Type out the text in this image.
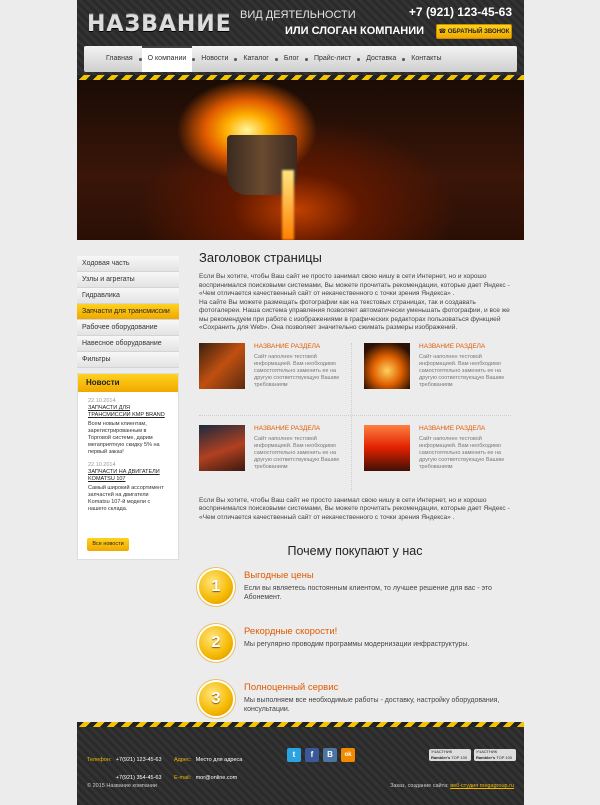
НАЗВАНИЕ ВИД ДЕЯТЕЛЬНОСТИ
ИЛИ СЛОГАН КОМПАНИИ
+7 (921) 123-45-63
☎ ОБРАТНЫЙ ЗВОНОК
Главная	О компании	Новости	Каталог	Блог	Прайс-лист	Доставка	Контакты
Ходовая часть
Узлы и агрегаты
Гидравлика
Запчасти для трансмиссии
Рабочее оборудование
Навесное оборудование
Фильтры
Новости
22.10.2014
ЗАПЧАСТИ ДЛЯ ТРАНСМИССИИ KMP BRAND
Всем новым клиентам, зарегистрированным в Торговой системе, дарим мегаприятную скидку 5% на первый заказ!
22.10.2014
ЗАПЧАСТИ НА ДВИГАТЕЛИ KOMATSU 107
Самый широкий ассортимент запчастей на двигатели Komatsu 107-й модели с нашего склада.
Все новости
Заголовок страницы

Если Вы хотите, чтобы Ваш сайт не просто занимал свою нишу в сети Интернет, но и хорошо воспринимался поисковыми системами, Вы можете прочитать рекомендации, которые дает Яндекс - «Чем отличается качественный сайт от некачественного с точки зрения Яндекса» .

На сайте Вы можете размещать фотографии как на текстовых страницах, так и создавать фотогалереи. Наша система управления позволяет автоматически уменьшать фотографии, и все же мы рекомендуем при работе с изображениями в графических редакторах пользоваться функцией «Сохранить для Web». Она позволяет значительно сжимать размеры изображений.

НАЗВАНИЕ РАЗДЕЛА
Сайт наполнен тестовой информацией. Вам необходимо самостоятельно заменить ее на другую соответствующую Вашим требованиям
НАЗВАНИЕ РАЗДЕЛА
Сайт наполнен тестовой информацией. Вам необходимо самостоятельно заменить ее на другую соответствующую Вашим требованиям
НАЗВАНИЕ РАЗДЕЛА
Сайт наполнен тестовой информацией. Вам необходимо самостоятельно заменить ее на другую соответствующую Вашим требованиям
НАЗВАНИЕ РАЗДЕЛА
Сайт наполнен тестовой информацией. Вам необходимо самостоятельно заменить ее на другую соответствующую Вашим требованиям

Если Вы хотите, чтобы Ваш сайт не просто занимал свою нишу в сети Интернет, но и хорошо воспринимался поисковыми системами, Вы можете прочитать рекомендации, которые дает Яндекс - «Чем отличается качественный сайт от некачественного с точки зрения Яндекса» .

Почему покупают у нас
1
Выгодные цены
Если вы являетесь постоянным клиентом, то лучшее решение для вас - это Абонемент.
2
Рекордные скорости!
Мы регулярно проводим программы модернизации инфраструктуры.
3
Полноценный сервис
Мы выполняем все необходимые работы - доставку, настройку оборудования, консультации.
Телефон: +7(921) 123-45-63
+7(921) 354-45-63
Адрес: Место для адреса
E-mail: mor@online.com
t	f	B	ok
УЧАСТНИК
Rambler's TOP 100
УЧАСТНИК
Rambler's TOP 100
© 2015 Название компании	Заказ, создание сайта: веб-студия megagroup.ru
